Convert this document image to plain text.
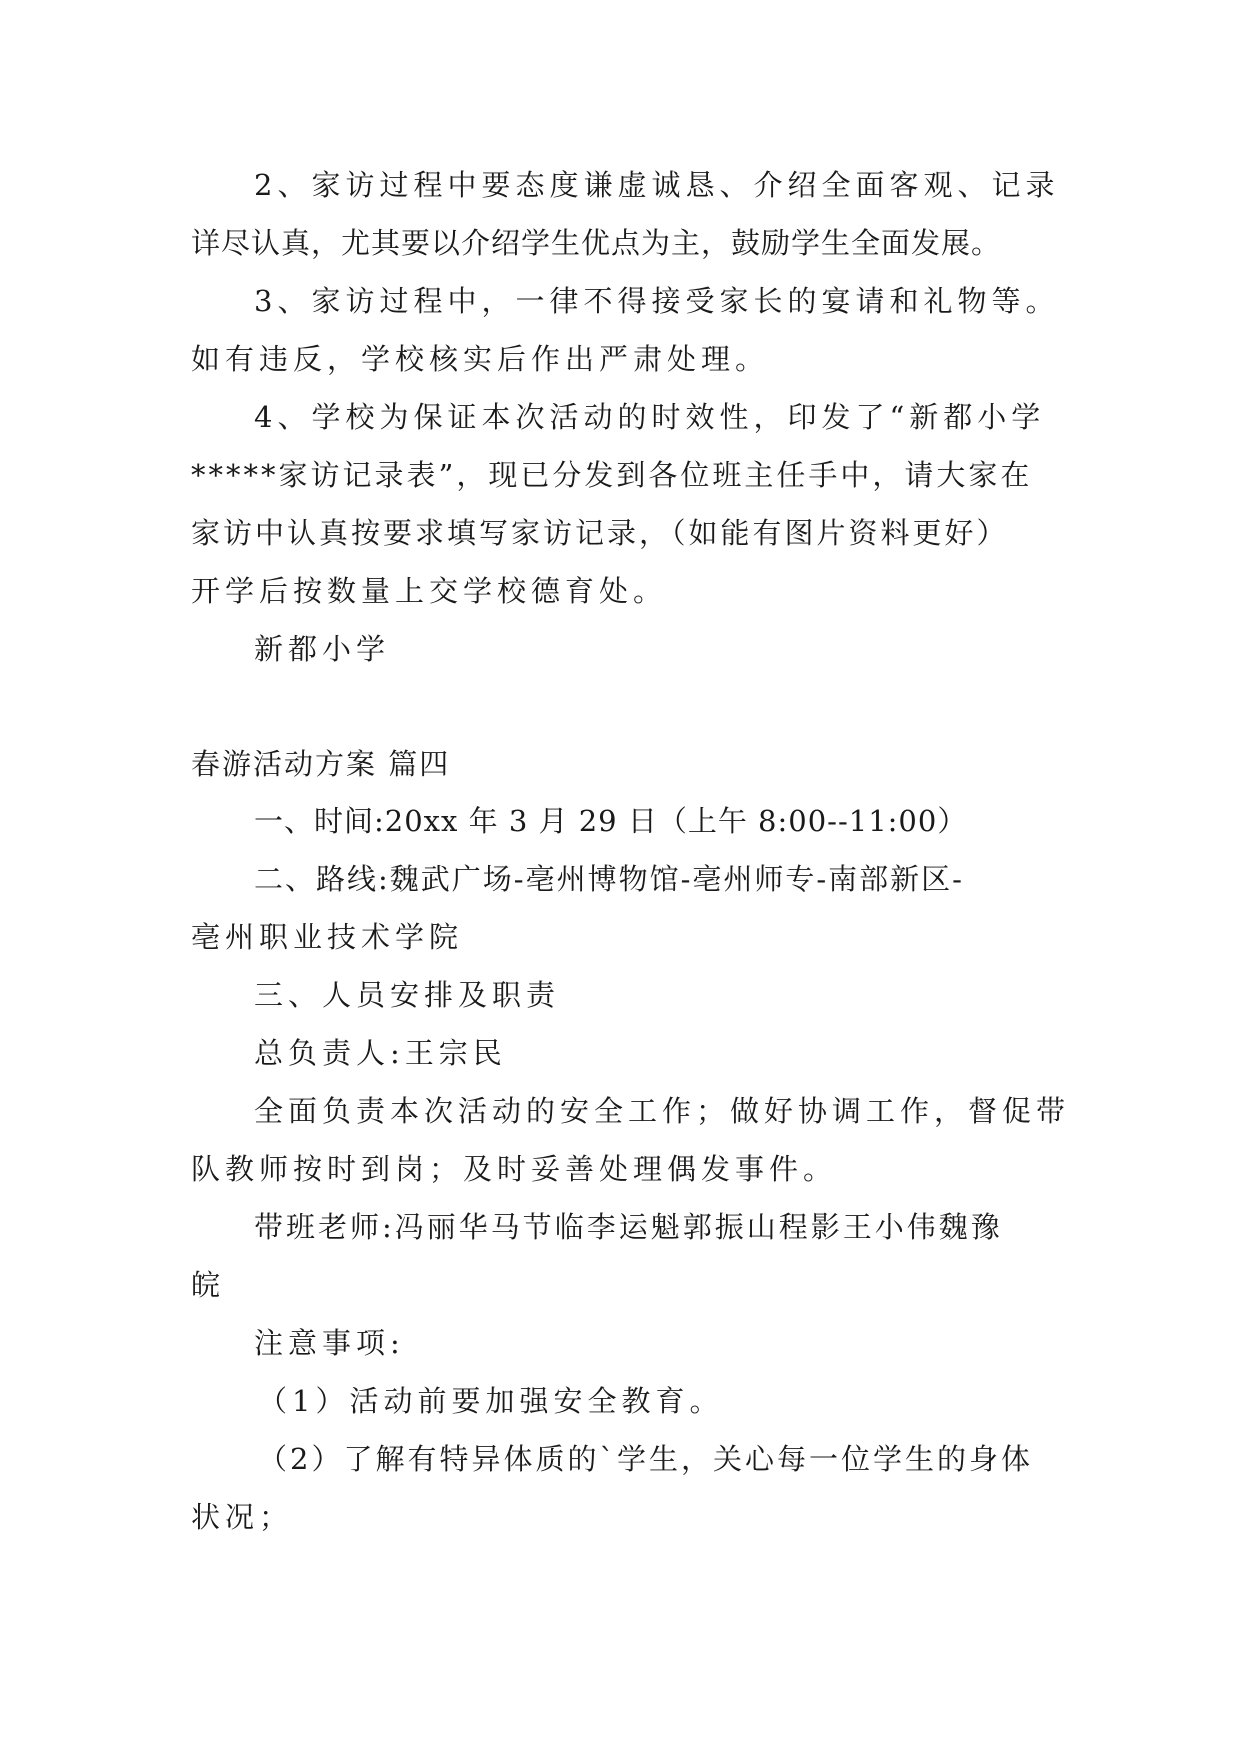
2、家访过程中要态度谦虚诚恳、介绍全面客观、记录
详尽认真，尤其要以介绍学生优点为主，鼓励学生全面发展。
3、家访过程中，一律不得接受家长的宴请和礼物等。
如有违反，学校核实后作出严肃处理。
4、学校为保证本次活动的时效性，印发了“新都小学
*****家访记录表”，现已分发到各位班主任手中，请大家在
家访中认真按要求填写家访记录，（如能有图片资料更好）
开学后按数量上交学校德育处。
新都小学
春游活动方案 篇四
一、时间:20xx 年 3 月 29 日（上午 8:00--11:00）
二、路线:魏武广场-亳州博物馆-亳州师专-南部新区-
亳州职业技术学院
三、人员安排及职责
总负责人:王宗民
全面负责本次活动的安全工作；做好协调工作，督促带
队教师按时到岗；及时妥善处理偶发事件。
带班老师:冯丽华马节临李运魁郭振山程影王小伟魏豫
皖
注意事项:
（1）活动前要加强安全教育。
（2）了解有特异体质的`学生，关心每一位学生的身体
状况；
